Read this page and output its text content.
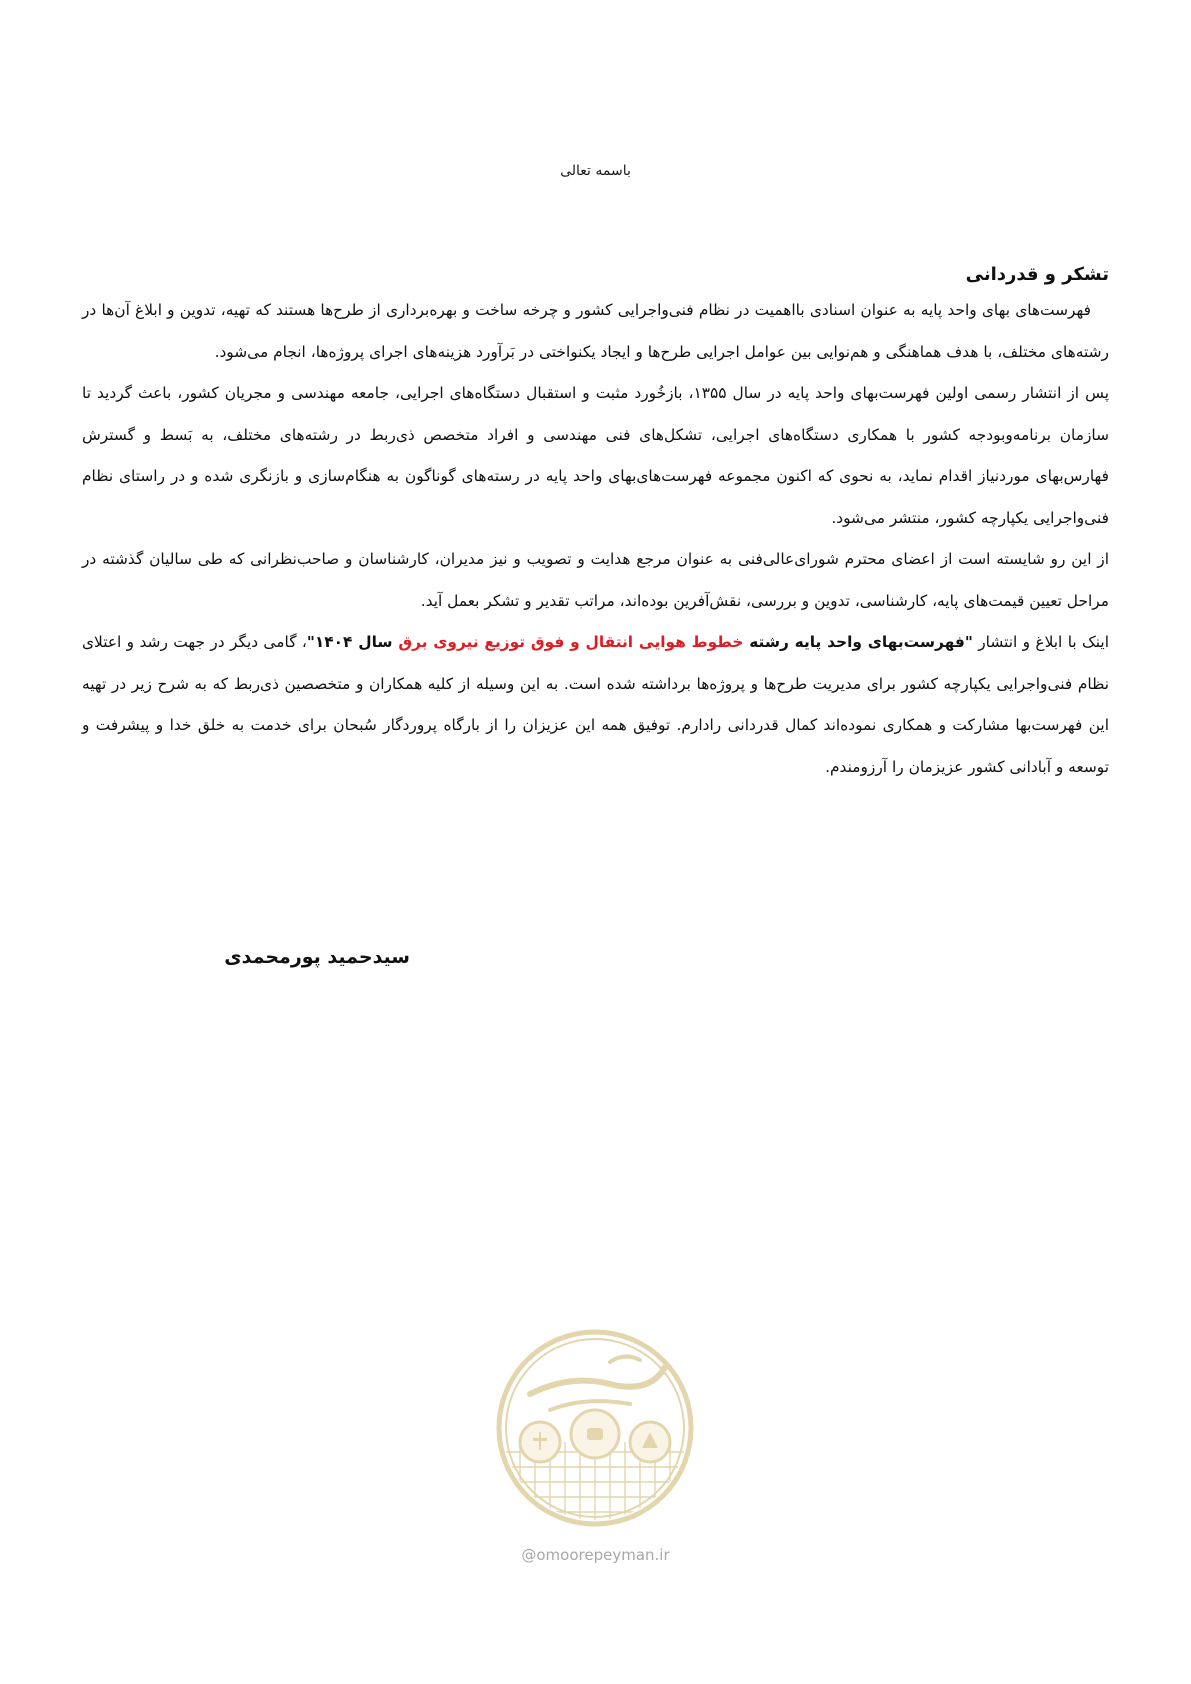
باسمه تعالی
تشکر و قدردانی

فهرست‌های بهای واحد پایه به عنوان اسنادی بااهمیت در نظام فنی‌واجرایی کشور و چرخه ساخت و بهره‌برداری از طرح‌ها هستند که تهیه، تدوین و ابلاغ آن‌ها در رشته‌های مختلف، با هدف هماهنگی و هم‌نوایی بین عوامل اجرایی طرح‌ها و ایجاد یکنواختی در بَرآورد هزینه‌های اجرای پروژه‌ها، انجام می‌شود.

پس از انتشار رسمی اولین فهرست‌بهای واحد پایه در سال ۱۳۵۵، بازخُورد مثبت و استقبال دستگاه‌های اجرایی، جامعه مهندسی و مجریان کشور، باعث گردید تا سازمان برنامه‌وبودجه کشور با همکاری دستگاه‌های اجرایی، تشکل‌های فنی مهندسی و افراد متخصص ذی‌ربط در رشته‌های مختلف، به بَسط و گسترش فهارس‌بهای موردنیاز اقدام نماید، به نحوی که اکنون مجموعه فهرست‌های‌بهای واحد پایه در رسته‌های گوناگون به هنگام‌سازی و بازنگری شده و در راستای نظام فنی‌واجرایی یکپارچه کشور، منتشر می‌شود.

از این رو شایسته است از اعضای محترم شورای‌عالی‌فنی به عنوان مرجع هدایت و تصویب و نیز مدیران، کارشناسان و صاحب‌نظرانی که طی سالیان گذشته در مراحل تعیین قیمت‌های پایه، کارشناسی، تدوین و بررسی، نقش‌آفرین بوده‌اند، مراتب تقدیر و تشکر بعمل آید.

اینک با ابلاغ و انتشار "فهرست‌بهای واحد پایه رشته خطوط هوایی انتقال و فوق توزیع نیروی برق سال ۱۴۰۴"، گامی دیگر در جهت رشد و اعتلای نظام فنی‌واجرایی یکپارچه کشور برای مدیریت طرح‌ها و پروژه‌ها برداشته شده است. به این وسیله از کلیه همکاران و متخصصین ذی‌ربط که به شرح زیر در تهیه این فهرست‌بها مشارکت و همکاری نموده‌اند کمال قدردانی رادارم. توفیق همه این عزیزان را از بارگاه پروردگار سُبحان برای خدمت به خلق خدا و پیشرفت و توسعه و آبادانی کشور عزیزمان را آرزومندم.

سیدحمید پورمحمدی
@omoorepeyman.ir
